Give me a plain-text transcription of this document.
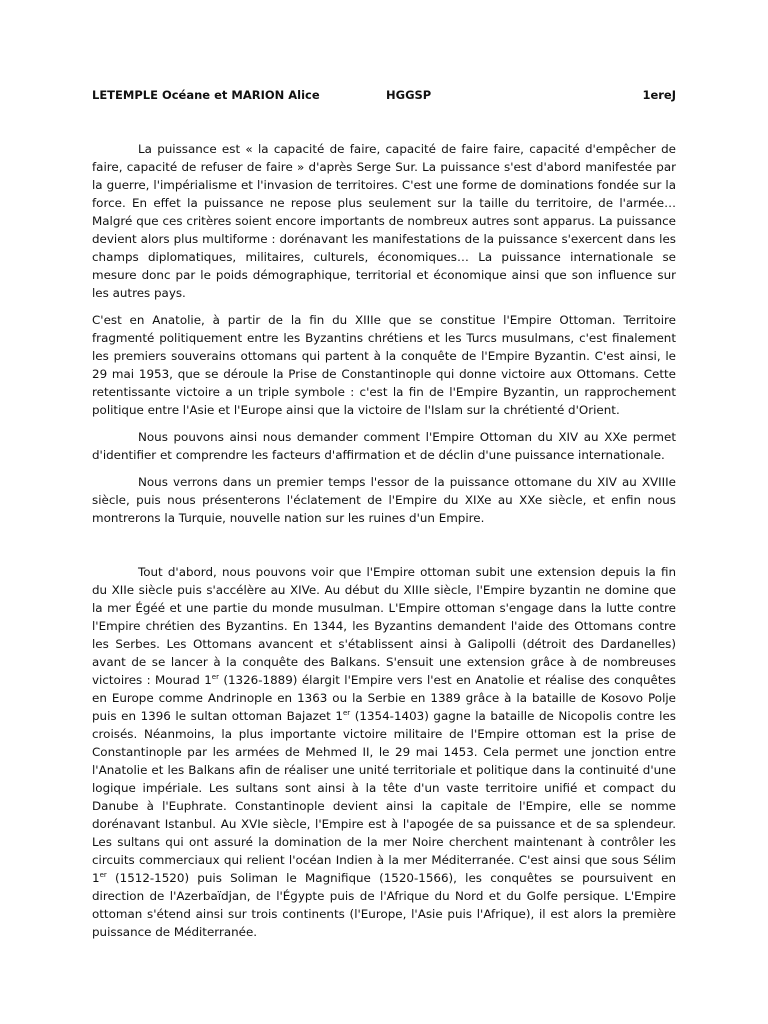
LETEMPLE Océane et MARION Alice	HGGSP	1ereJ

La puissance est « la capacité de faire, capacité de faire faire, capacité d'empêcher de faire, capacité de refuser de faire » d'après Serge Sur. La puissance s'est d'abord manifestée par la guerre, l'impérialisme et l'invasion de territoires. C'est une forme de dominations fondée sur la force. En effet la puissance ne repose plus seulement sur la taille du territoire, de l'armée… Malgré que ces critères soient encore importants de nombreux autres sont apparus. La puissance devient alors plus multiforme : dorénavant les manifestations de la puissance s'exercent dans les champs diplomatiques, militaires, culturels, économiques… La puissance internationale se mesure donc par le poids démographique, territorial et économique ainsi que son influence sur les autres pays.

C'est en Anatolie, à partir de la fin du XIIIe que se constitue l'Empire Ottoman. Territoire fragmenté politiquement entre les Byzantins chrétiens et les Turcs musulmans, c'est finalement les premiers souverains ottomans qui partent à la conquête de l'Empire Byzantin. C'est ainsi, le 29 mai 1953, que se déroule la Prise de Constantinople qui donne victoire aux Ottomans. Cette retentissante victoire a un triple symbole : c'est la fin de l'Empire Byzantin, un rapprochement politique entre l'Asie et l'Europe ainsi que la victoire de l'Islam sur la chrétienté d'Orient.

Nous pouvons ainsi nous demander comment l'Empire Ottoman du XIV au XXe permet d'identifier et comprendre les facteurs d'affirmation et de déclin d'une puissance internationale.

Nous verrons dans un premier temps l'essor de la puissance ottomane du XIV au XVIIIe siècle, puis nous présenterons l'éclatement de l'Empire du XIXe au XXe siècle, et enfin nous montrerons la Turquie, nouvelle nation sur les ruines d'un Empire.

Tout d'abord, nous pouvons voir que l'Empire ottoman subit une extension depuis la fin du XIIe siècle puis s'accélère au XIVe. Au début du XIIIe siècle, l'Empire byzantin ne domine que la mer Égéé et une partie du monde musulman. L'Empire ottoman s'engage dans la lutte contre l'Empire chrétien des Byzantins. En 1344, les Byzantins demandent l'aide des Ottomans contre les Serbes. Les Ottomans avancent et s'établissent ainsi à Galipolli (détroit des Dardanelles) avant de se lancer à la conquête des Balkans. S'ensuit une extension grâce à de nombreuses victoires : Mourad 1er (1326-1889) élargit l'Empire vers l'est en Anatolie et réalise des conquêtes en Europe comme Andrinople en 1363 ou la Serbie en 1389 grâce à la bataille de Kosovo Polje puis en 1396 le sultan ottoman Bajazet 1er (1354-1403) gagne la bataille de Nicopolis contre les croisés. Néanmoins, la plus importante victoire militaire de l'Empire ottoman est la prise de Constantinople par les armées de Mehmed II, le 29 mai 1453. Cela permet une jonction entre l'Anatolie et les Balkans afin de réaliser une unité territoriale et politique dans la continuité d'une logique impériale. Les sultans sont ainsi à la tête d'un vaste territoire unifié et compact du Danube à l'Euphrate. Constantinople devient ainsi la capitale de l'Empire, elle se nomme dorénavant Istanbul. Au XVIe siècle, l'Empire est à l'apogée de sa puissance et de sa splendeur. Les sultans qui ont assuré la domination de la mer Noire cherchent maintenant à contrôler les circuits commerciaux qui relient l'océan Indien à la mer Méditerranée. C'est ainsi que sous Sélim 1er (1512-1520) puis Soliman le Magnifique (1520-1566), les conquêtes se poursuivent en direction de l'Azerbaïdjan, de l'Égypte puis de l'Afrique du Nord et du Golfe persique. L'Empire ottoman s'étend ainsi sur trois continents (l'Europe, l'Asie puis l'Afrique), il est alors la première puissance de Méditerranée.
